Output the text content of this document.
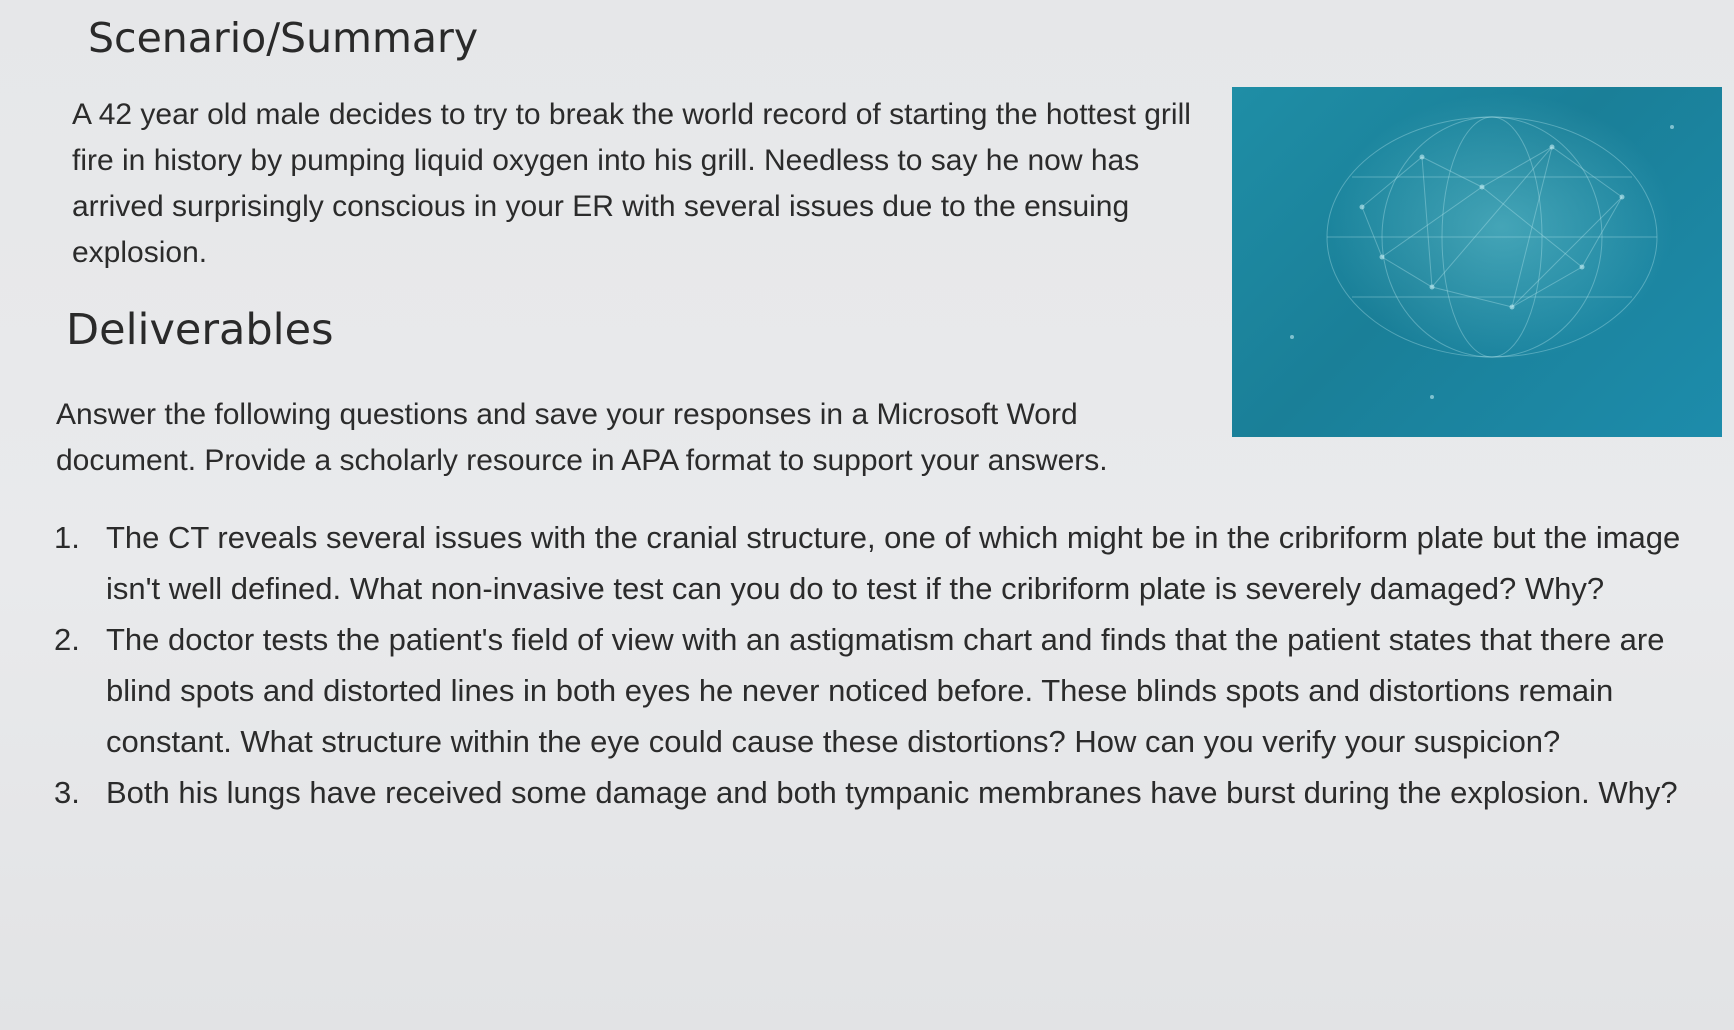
Scenario/Summary

A 42 year old male decides to try to break the world record of starting the hottest grill fire in history by pumping liquid oxygen into his grill. Needless to say he now has arrived surprisingly conscious in your ER with several issues due to the ensuing explosion.

Deliverables

Answer the following questions and save your responses in a Microsoft Word document. Provide a scholarly resource in APA format to support your answers.

1. The CT reveals several issues with the cranial structure, one of which might be in the cribriform plate but the image isn't well defined. What non-invasive test can you do to test if the cribriform plate is severely damaged? Why?
2. The doctor tests the patient's field of view with an astigmatism chart and finds that the patient states that there are blind spots and distorted lines in both eyes he never noticed before. These blinds spots and distortions remain constant. What structure within the eye could cause these distortions? How can you verify your suspicion?
3. Both his lungs have received some damage and both tympanic membranes have burst during the explosion. Why?
